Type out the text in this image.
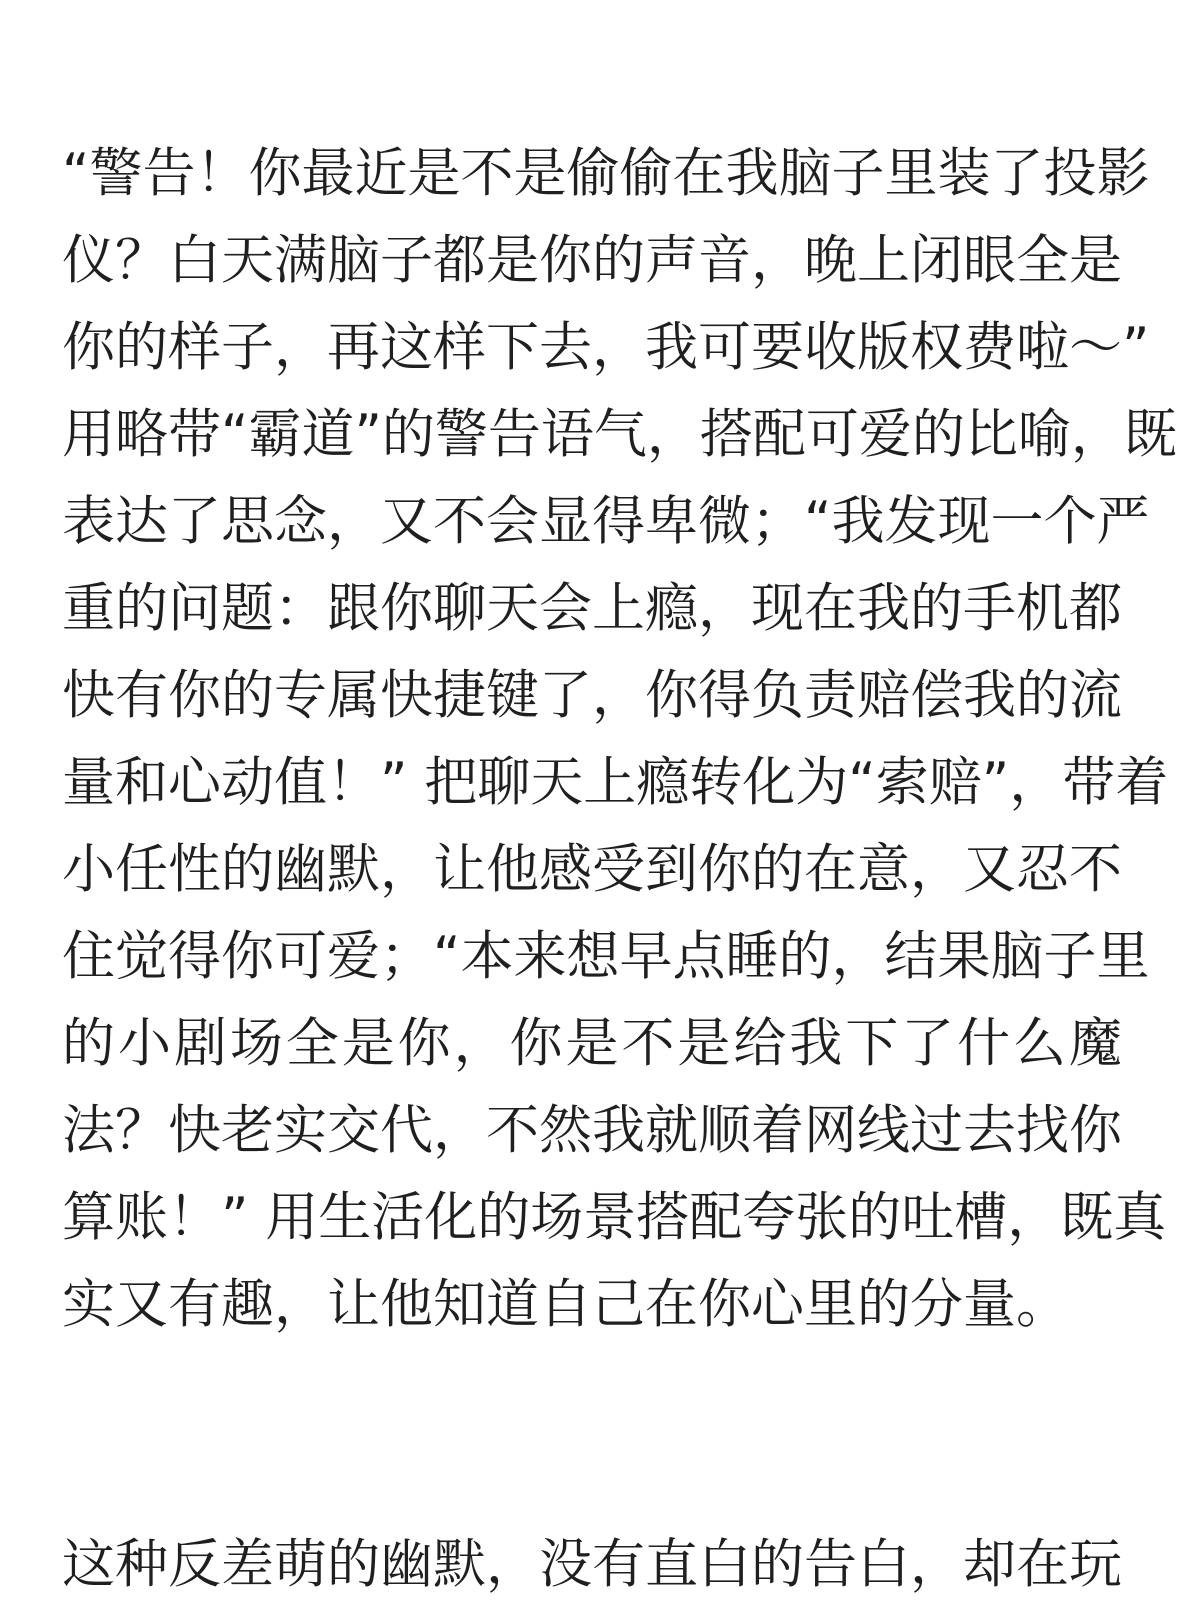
“警告！你最近是不是偷偷在我脑子里装了投影
仪？白天满脑子都是你的声音，晚上闭眼全是
你的样子，再这样下去，我可要收版权费啦～”
用略带“霸道”的警告语气，搭配可爱的比喻，既
表达了思念，又不会显得卑微；“我发现一个严
重的问题：跟你聊天会上瘾，现在我的手机都
快有你的专属快捷键了，你得负责赔偿我的流
量和心动值！” 把聊天上瘾转化为“索赔”，带着
小任性的幽默，让他感受到你的在意，又忍不
住觉得你可爱；“本来想早点睡的，结果脑子里
的小剧场全是你，你是不是给我下了什么魔
法？快老实交代，不然我就顺着网线过去找你
算账！” 用生活化的场景搭配夸张的吐槽，既真
实又有趣，让他知道自己在你心里的分量。
这种反差萌的幽默，没有直白的告白，却在玩
